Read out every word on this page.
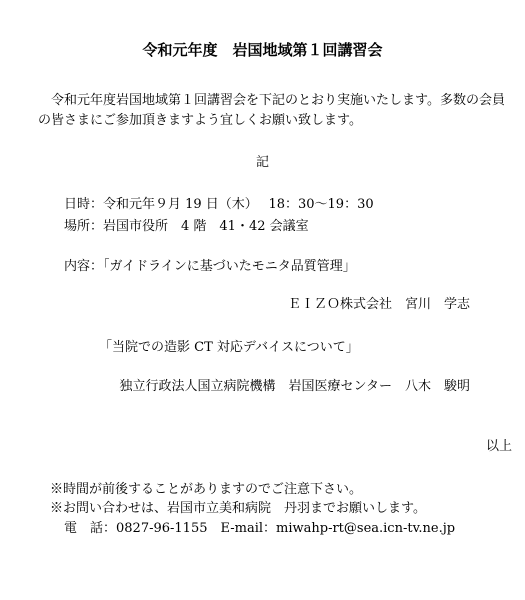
令和元年度　岩国地域第１回講習会
令和元年度岩国地域第１回講習会を下記のとおり実施いたします。多数の会員の皆さまにご参加頂きますよう宜しくお願い致します。
記
日時：令和元年９月 19 日（木）　 18：30〜19：30
場所：岩国市役所　4 階　41・42 会議室
内容：「ガイドラインに基づいたモニタ品質管理」
ＥＩＺＯ株式会社　宮川　学志
「当院での造影 CT 対応デバイスについて」
独立行政法人国立病院機構　岩国医療センター　八木　駿明
以上
※時間が前後することがありますのでご注意下さい。
※お問い合わせは、岩国市立美和病院　丹羽までお願いします。
電　話：0827-96-1155　E-mail：miwahp-rt@sea.icn-tv.ne.jp
